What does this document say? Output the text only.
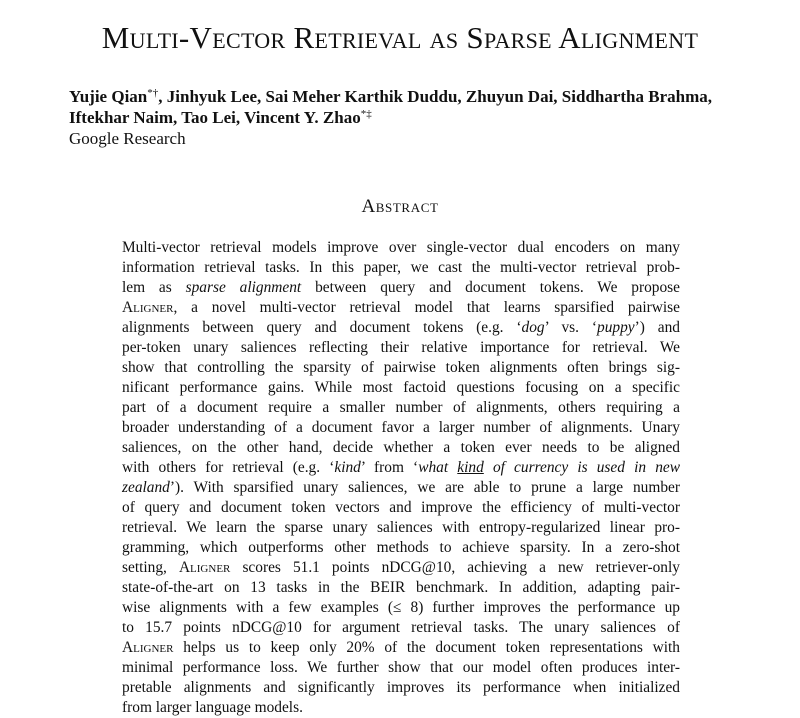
Multi-Vector Retrieval as Sparse Alignment
Yujie Qian*†, Jinhyuk Lee, Sai Meher Karthik Duddu, Zhuyun Dai, Siddhartha Brahma,
Iftekhar Naim, Tao Lei, Vincent Y. Zhao*‡
Google Research
Abstract
Multi-vector retrieval models improve over single-vector dual encoders on many
information retrieval tasks. In this paper, we cast the multi-vector retrieval prob-
lem as sparse alignment between query and document tokens. We propose
Aligner, a novel multi-vector retrieval model that learns sparsified pairwise
alignments between query and document tokens (e.g. ‘dog’ vs. ‘puppy’) and
per-token unary saliences reflecting their relative importance for retrieval. We
show that controlling the sparsity of pairwise token alignments often brings sig-
nificant performance gains. While most factoid questions focusing on a specific
part of a document require a smaller number of alignments, others requiring a
broader understanding of a document favor a larger number of alignments. Unary
saliences, on the other hand, decide whether a token ever needs to be aligned
with others for retrieval (e.g. ‘kind’ from ‘what kind of currency is used in new
zealand’). With sparsified unary saliences, we are able to prune a large number
of query and document token vectors and improve the efficiency of multi-vector
retrieval. We learn the sparse unary saliences with entropy-regularized linear pro-
gramming, which outperforms other methods to achieve sparsity. In a zero-shot
setting, Aligner scores 51.1 points nDCG@10, achieving a new retriever-only
state-of-the-art on 13 tasks in the BEIR benchmark. In addition, adapting pair-
wise alignments with a few examples (≤ 8) further improves the performance up
to 15.7 points nDCG@10 for argument retrieval tasks. The unary saliences of
Aligner helps us to keep only 20% of the document token representations with
minimal performance loss. We further show that our model often produces inter-
pretable alignments and significantly improves its performance when initialized
from larger language models.
